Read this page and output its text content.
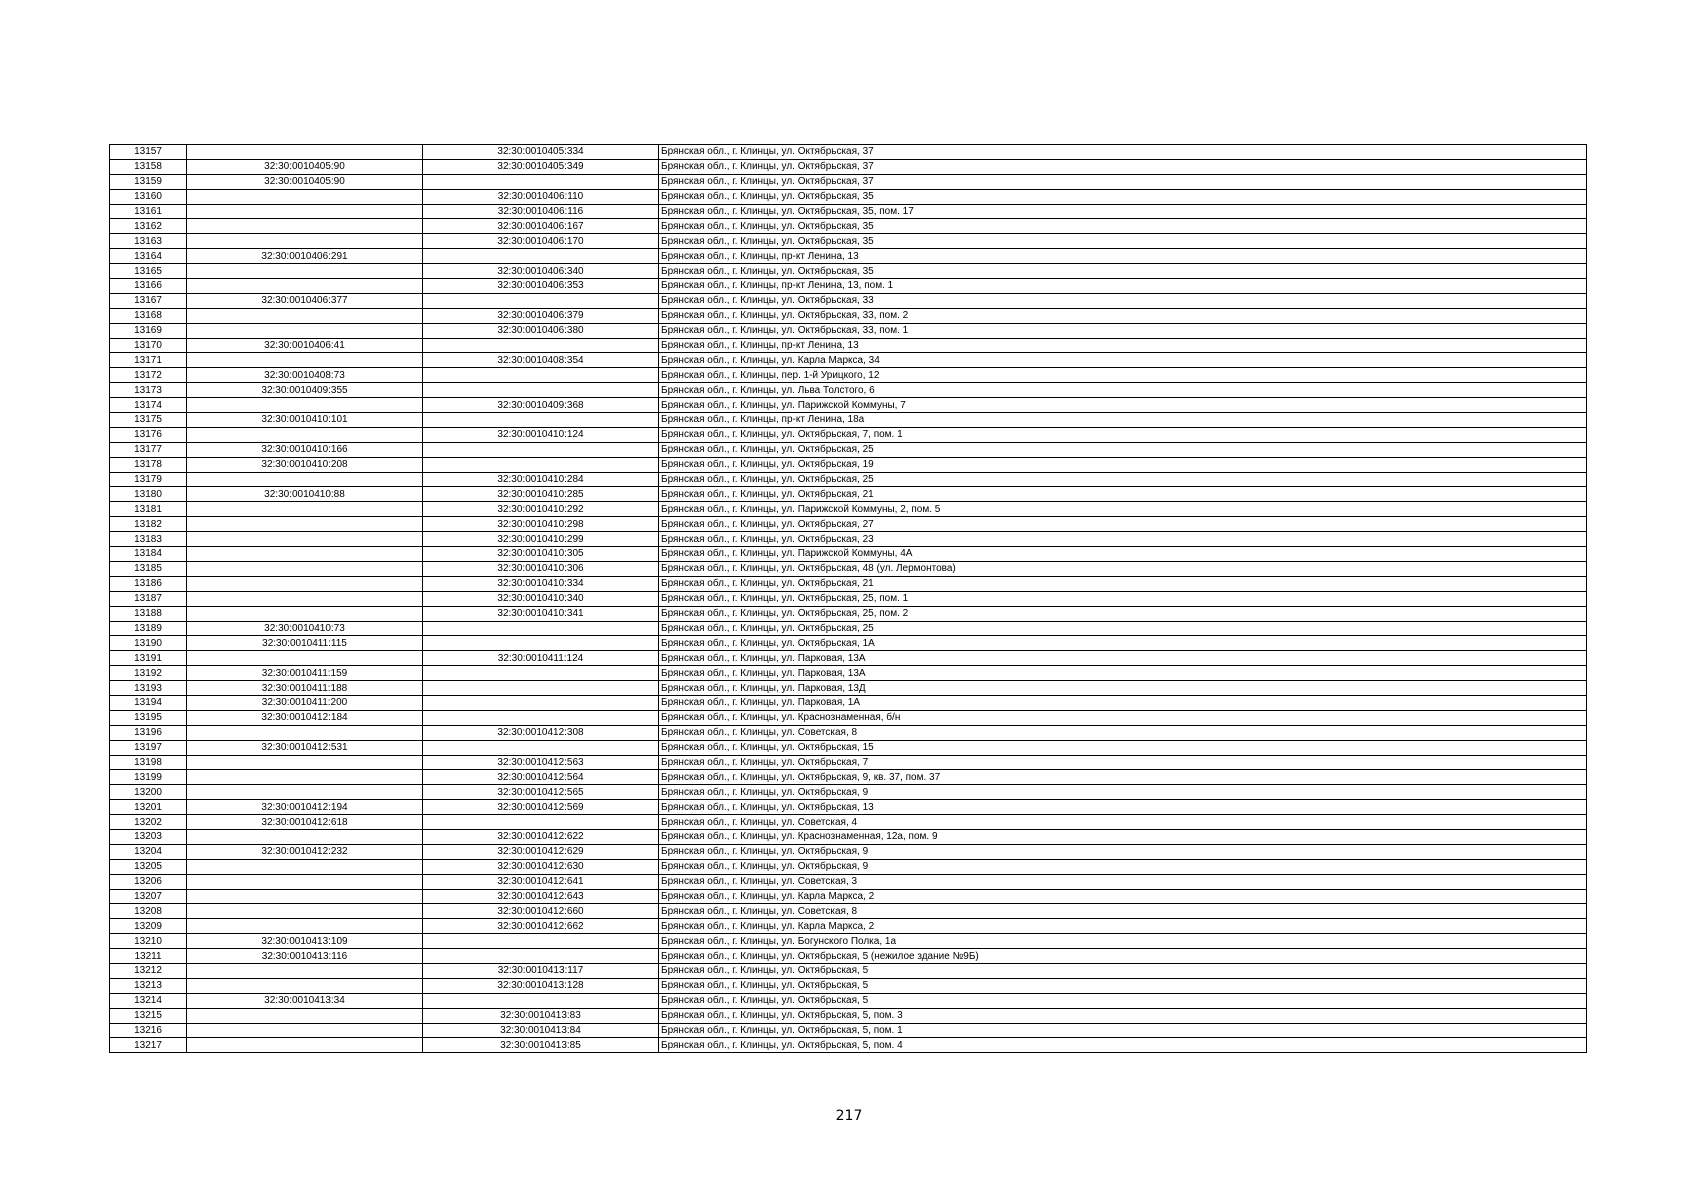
13157		32:30:0010405:334	Брянская обл., г. Клинцы, ул. Октябрьская, 37
13158	32:30:0010405:90	32:30:0010405:349	Брянская обл., г. Клинцы, ул. Октябрьская, 37
13159	32:30:0010405:90		Брянская обл., г. Клинцы, ул. Октябрьская, 37
13160		32:30:0010406:110	Брянская обл., г. Клинцы, ул. Октябрьская, 35
13161		32:30:0010406:116	Брянская обл., г. Клинцы, ул. Октябрьская, 35, пом. 17
13162		32:30:0010406:167	Брянская обл., г. Клинцы, ул. Октябрьская, 35
13163		32:30:0010406:170	Брянская обл., г. Клинцы, ул. Октябрьская, 35
13164	32:30:0010406:291		Брянская обл., г. Клинцы, пр-кт Ленина, 13
13165		32:30:0010406:340	Брянская обл., г. Клинцы, ул. Октябрьская, 35
13166		32:30:0010406:353	Брянская обл., г. Клинцы, пр-кт Ленина, 13, пом. 1
13167	32:30:0010406:377		Брянская обл., г. Клинцы, ул. Октябрьская, 33
13168		32:30:0010406:379	Брянская обл., г. Клинцы, ул. Октябрьская, 33, пом. 2
13169		32:30:0010406:380	Брянская обл., г. Клинцы, ул. Октябрьская, 33, пом. 1
13170	32:30:0010406:41		Брянская обл., г. Клинцы, пр-кт Ленина, 13
13171		32:30:0010408:354	Брянская обл., г. Клинцы, ул. Карла Маркса, 34
13172	32:30:0010408:73		Брянская обл., г. Клинцы, пер. 1-й Урицкого, 12
13173	32:30:0010409:355		Брянская обл., г. Клинцы, ул. Льва Толстого, 6
13174		32:30:0010409:368	Брянская обл., г. Клинцы, ул. Парижской Коммуны, 7
13175	32:30:0010410:101		Брянская обл., г. Клинцы, пр-кт Ленина, 18а
13176		32:30:0010410:124	Брянская обл., г. Клинцы, ул. Октябрьская, 7, пом. 1
13177	32:30:0010410:166		Брянская обл., г. Клинцы, ул. Октябрьская, 25
13178	32:30:0010410:208		Брянская обл., г. Клинцы, ул. Октябрьская, 19
13179		32:30:0010410:284	Брянская обл., г. Клинцы, ул. Октябрьская, 25
13180	32:30:0010410:88	32:30:0010410:285	Брянская обл., г. Клинцы, ул. Октябрьская, 21
13181		32:30:0010410:292	Брянская обл., г. Клинцы, ул. Парижской Коммуны, 2, пом. 5
13182		32:30:0010410:298	Брянская обл., г. Клинцы, ул. Октябрьская, 27
13183		32:30:0010410:299	Брянская обл., г. Клинцы, ул. Октябрьская, 23
13184		32:30:0010410:305	Брянская обл., г. Клинцы, ул. Парижской Коммуны, 4А
13185		32:30:0010410:306	Брянская обл., г. Клинцы, ул. Октябрьская, 48 (ул. Лермонтова)
13186		32:30:0010410:334	Брянская обл., г. Клинцы, ул. Октябрьская, 21
13187		32:30:0010410:340	Брянская обл., г. Клинцы, ул. Октябрьская, 25, пом. 1
13188		32:30:0010410:341	Брянская обл., г. Клинцы, ул. Октябрьская, 25, пом. 2
13189	32:30:0010410:73		Брянская обл., г. Клинцы, ул. Октябрьская, 25
13190	32:30:0010411:115		Брянская обл., г. Клинцы, ул. Октябрьская, 1А
13191		32:30:0010411:124	Брянская обл., г. Клинцы, ул. Парковая, 13А
13192	32:30:0010411:159		Брянская обл., г. Клинцы, ул. Парковая, 13А
13193	32:30:0010411:188		Брянская обл., г. Клинцы, ул. Парковая, 13Д
13194	32:30:0010411:200		Брянская обл., г. Клинцы, ул. Парковая, 1А
13195	32:30:0010412:184		Брянская обл., г. Клинцы, ул. Краснознаменная, б/н
13196		32:30:0010412:308	Брянская обл., г. Клинцы, ул. Советская, 8
13197	32:30:0010412:531		Брянская обл., г. Клинцы, ул. Октябрьская, 15
13198		32:30:0010412:563	Брянская обл., г. Клинцы, ул. Октябрьская, 7
13199		32:30:0010412:564	Брянская обл., г. Клинцы, ул. Октябрьская, 9, кв. 37, пом. 37
13200		32:30:0010412:565	Брянская обл., г. Клинцы, ул. Октябрьская, 9
13201	32:30:0010412:194	32:30:0010412:569	Брянская обл., г. Клинцы, ул. Октябрьская, 13
13202	32:30:0010412:618		Брянская обл., г. Клинцы, ул. Советская, 4
13203		32:30:0010412:622	Брянская обл., г. Клинцы, ул. Краснознаменная, 12а, пом. 9
13204	32:30:0010412:232	32:30:0010412:629	Брянская обл., г. Клинцы, ул. Октябрьская, 9
13205		32:30:0010412:630	Брянская обл., г. Клинцы, ул. Октябрьская, 9
13206		32:30:0010412:641	Брянская обл., г. Клинцы, ул. Советская, 3
13207		32:30:0010412:643	Брянская обл., г. Клинцы, ул. Карла Маркса, 2
13208		32:30:0010412:660	Брянская обл., г. Клинцы, ул. Советская, 8
13209		32:30:0010412:662	Брянская обл., г. Клинцы, ул. Карла Маркса, 2
13210	32:30:0010413:109		Брянская обл., г. Клинцы, ул. Богунского Полка, 1а
13211	32:30:0010413:116		Брянская обл., г. Клинцы, ул. Октябрьская, 5 (нежилое здание №9Б)
13212		32:30:0010413:117	Брянская обл., г. Клинцы, ул. Октябрьская, 5
13213		32:30:0010413:128	Брянская обл., г. Клинцы, ул. Октябрьская, 5
13214	32:30:0010413:34		Брянская обл., г. Клинцы, ул. Октябрьская, 5
13215		32:30:0010413:83	Брянская обл., г. Клинцы, ул. Октябрьская, 5, пом. 3
13216		32:30:0010413:84	Брянская обл., г. Клинцы, ул. Октябрьская, 5, пом. 1
13217		32:30:0010413:85	Брянская обл., г. Клинцы, ул. Октябрьская, 5, пом. 4
217
